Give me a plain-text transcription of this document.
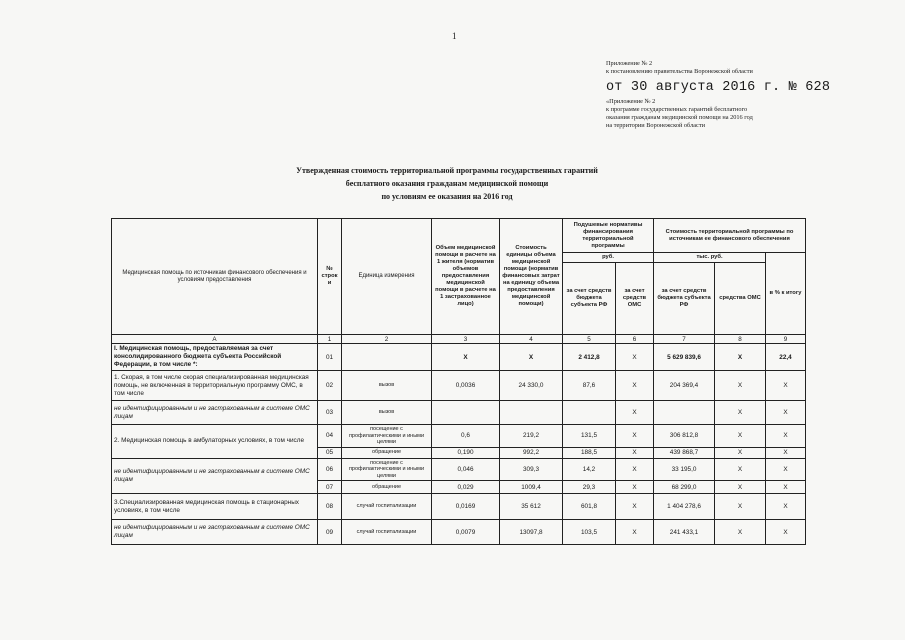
1
Приложение № 2
к постановлению правительства Воронежской области
от 30 августа 2016 г. № 628
«Приложение № 2
к программе государственных гарантий бесплатного
оказания гражданам медицинской помощи на 2016 год
на территории Воронежской области
Утвержденная стоимость территориальной программы государственных гарантий
бесплатного оказания гражданам медицинской помощи
по условиям ее оказания на 2016 год
Медицинская помощь по источникам финансового обеспечения и условиям предоставления	№ строк и	Единица измерения	Объем медицинской помощи в расчете на 1 жителя (норматив объемов предоставления медицинской помощи в расчете на 1 застрахованное лицо)	Стоимость единицы объема медицинской помощи (норматив финансовых затрат на единицу объема предоставления медицинской помощи)	Подушевые нормативы финансирования территориальной программы		Стоимость территориальной программы по источникам ее финансового обеспечения		
					руб.		тыс. руб.		в % к итогу
					за счет средств бюджета субъекта РФ	за счет средств ОМС	за счет средств бюджета субъекта РФ	средства ОМС	
А	1	2	3	4	5	6	7	8	9
I. Медицинская помощь, предоставляемая за счет консолидированного бюджета субъекта Российской Федерации, в том числе *:	01		X	X	2 412,8	X	5 629 839,6	X	22,4
1. Скорая, в том числе скорая специализированная медицинская помощь, не включенная в территориальную программу ОМС, в том числе	02	вызов	0,0036	24 330,0	87,6	X	204 369,4	X	X
не идентифицированным и не застрахованным в системе ОМС лицам	03	вызов				X		X	X
2. Медицинская помощь в амбулаторных условиях, в том числе	04	посещение с профилактическими и иными целями	0,6	219,2	131,5	X	306 812,8	X	X
	05	обращение	0,190	992,2	188,5	X	439 868,7	X	X
не идентифицированным и не застрахованным в системе ОМС лицам	06	посещение с профилактическими и иными целями	0,046	309,3	14,2	X	33 195,0	X	X
	07	обращение	0,029	1009,4	29,3	X	68 299,0	X	X
3.Специализированная медицинская помощь в стационарных условиях, в том числе	08	случай госпитализации	0,0169	35 612	601,8	X	1 404 278,6	X	X
не идентифицированным и не застрахованным в системе ОМС лицам	09	случай госпитализации	0,0079	13097,8	103,5	X	241 433,1	X	X
